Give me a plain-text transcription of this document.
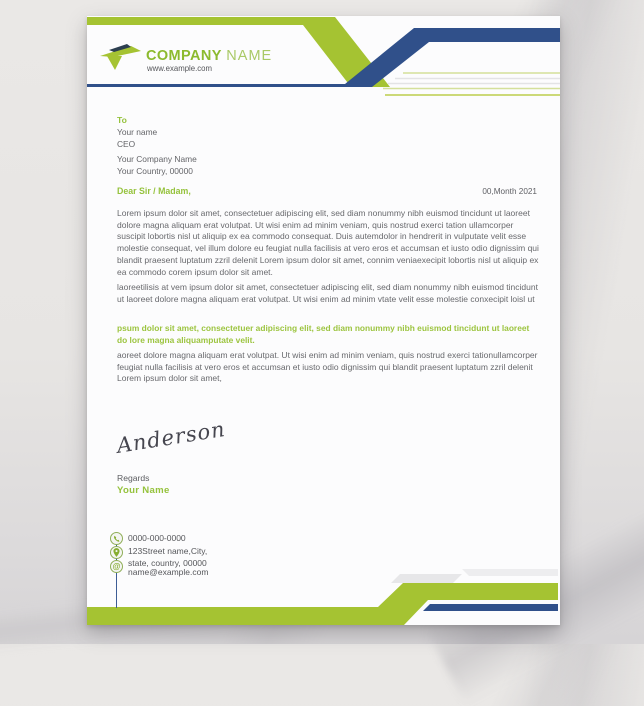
COMPANY NAME
www.example.com
To
Your name
CEO
Your Company Name
Your Country, 00000
Dear Sir / Madam,	00,Month 2021
Lorem ipsum dolor sit amet, consectetuer adipiscing elit, sed diam nonummy nibh euismod tincidunt ut laoreet dolore magna aliquam erat volutpat. Ut wisi enim ad minim veniam, quis nostrud exerci tation ullamcorper suscipit lobortis nisl ut aliquip ex ea commodo consequat. Duis autemdolor in hendrerit in vulputate velit esse molestie consequat, vel illum dolore eu feugiat nulla facilisis at vero eros et accumsan et iusto odio dignissim qui blandit praesent luptatum zzril delenit Lorem ipsum dolor sit amet, connim veniaexecipit lobortis nisl ut aliquip ex ea commodo corem ipsum dolor sit amet.
laoreetilisis at vem ipsum dolor sit amet, consectetuer adipiscing elit, sed diam nonummy nibh euismod tincidunt ut laoreet dolore magna aliquam erat volutpat. Ut wisi enim ad minim vtate velit esse molestie conxecipit loisl ut
psum dolor sit amet, consectetuer adipiscing elit, sed diam nonummy nibh euismod tincidunt ut laoreet do lore magna aliquamputate velit.
aoreet dolore magna aliquam erat volutpat. Ut wisi enim ad minim veniam, quis nostrud exerci tationullamcorper feugiat nulla facilisis at vero eros et accumsan et iusto odio dignissim qui blandit praesent luptatum zzril delenit Lorem ipsum dolor sit amet,
Anderson
Regards
Your Name
@
0000-000-0000
123Street name,City,
state, country, 00000
name@example.com
